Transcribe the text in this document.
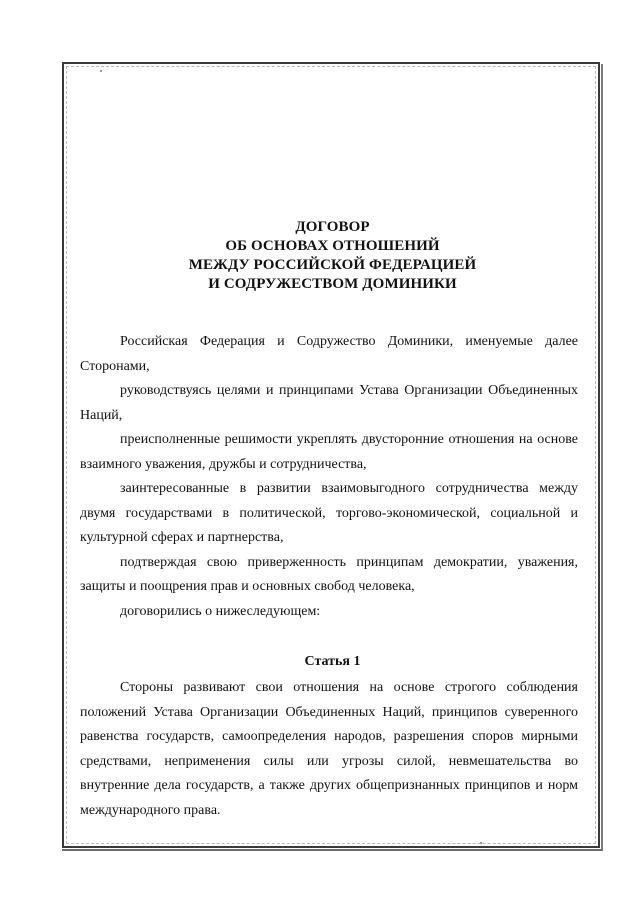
ДОГОВОР
ОБ ОСНОВАХ ОТНОШЕНИЙ
МЕЖДУ РОССИЙСКОЙ ФЕДЕРАЦИЕЙ
И СОДРУЖЕСТВОМ ДОМИНИКИ

Российская Федерация и Содружество Доминики, именуемые далее Сторонами,

руководствуясь целями и принципами Устава Организации Объединенных Наций,

преисполненные решимости укреплять двусторонние отношения на основе взаимного уважения, дружбы и сотрудничества,

заинтересованные в развитии взаимовыгодного сотрудничества между двумя государствами в политической, торгово-экономической, социальной и культурной сферах и партнерства,

подтверждая свою приверженность принципам демократии, уважения, защиты и поощрения прав и основных свобод человека,

договорились о нижеследующем:

Статья 1

Стороны развивают свои отношения на основе строгого соблюдения положений Устава Организации Объединенных Наций, принципов суверенного равенства государств, самоопределения народов, разрешения споров мирными средствами, неприменения силы или угрозы силой, невмешательства во внутренние дела государств, а также других общепризнанных принципов и норм международного права.
